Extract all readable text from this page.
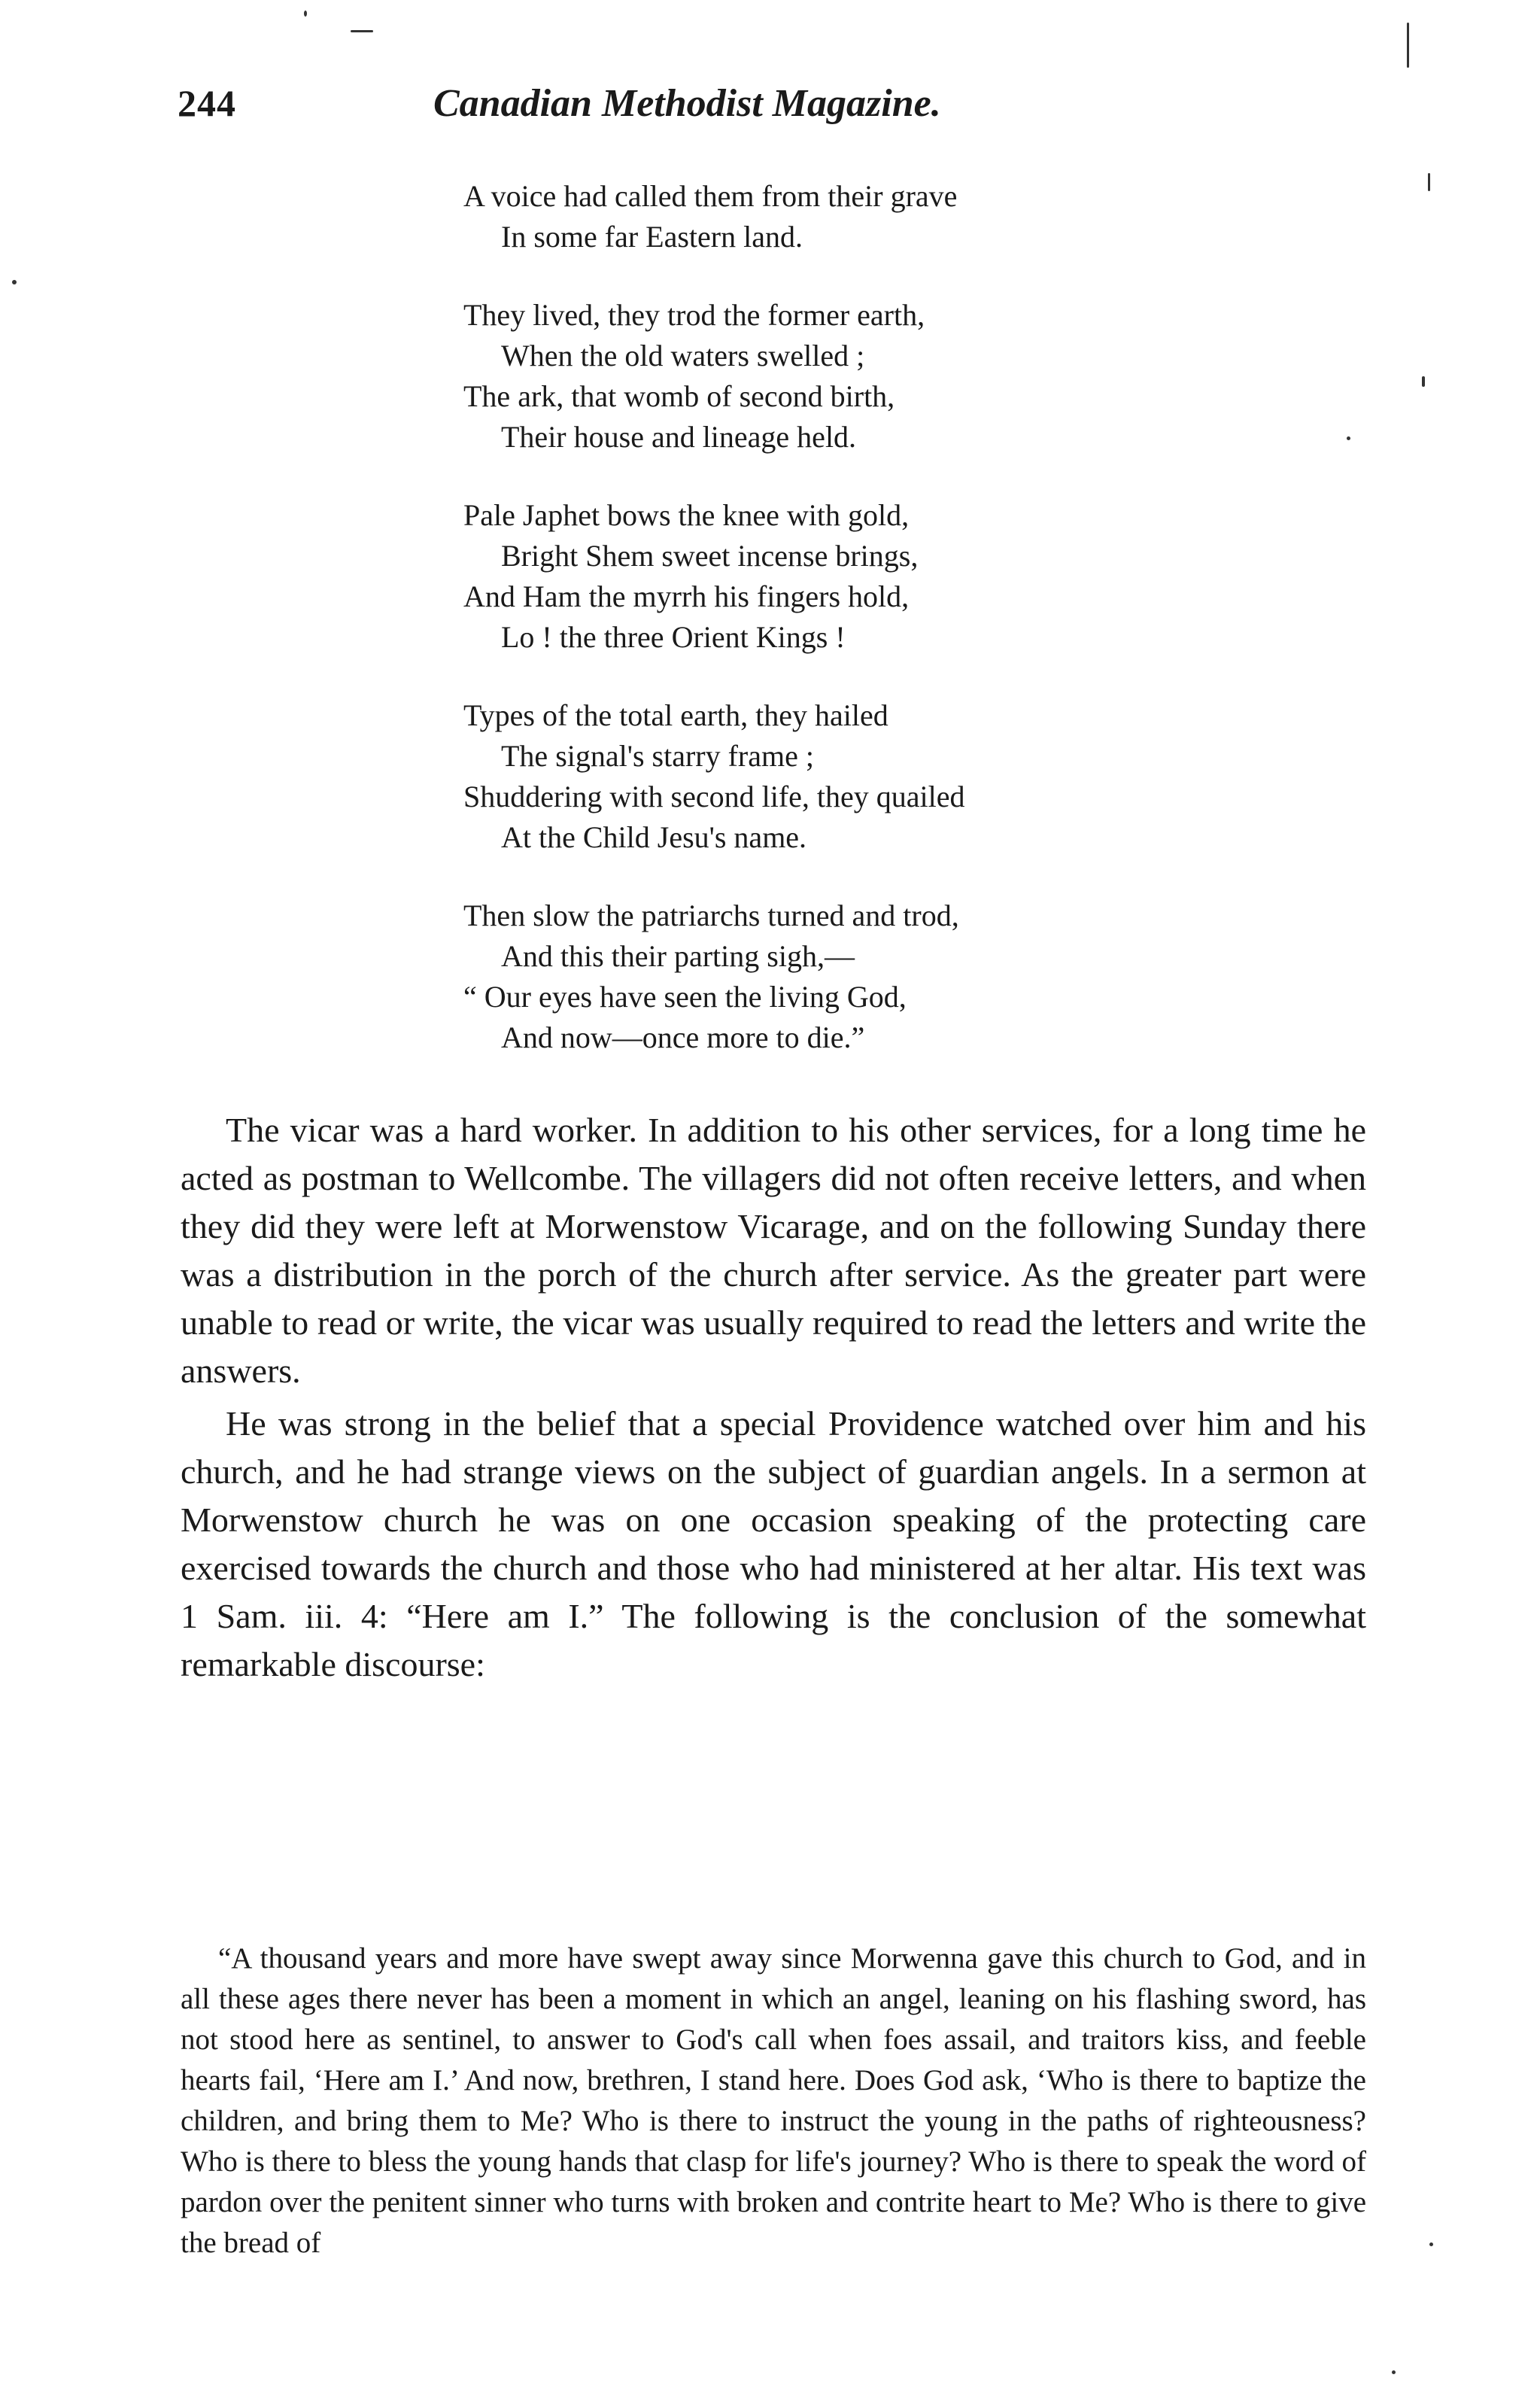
244	Canadian Methodist Magazine.
A voice had called them from their grave
In some far Eastern land.
They lived, they trod the former earth,
When the old waters swelled ;
The ark, that womb of second birth,
Their house and lineage held.
Pale Japhet bows the knee with gold,
Bright Shem sweet incense brings,
And Ham the myrrh his fingers hold,
Lo ! the three Orient Kings !
Types of the total earth, they hailed
The signal's starry frame ;
Shuddering with second life, they quailed
At the Child Jesu's name.
Then slow the patriarchs turned and trod,
And this their parting sigh,—
“ Our eyes have seen the living God,
And now—once more to die.”

The vicar was a hard worker. In addition to his other services, for a long time he acted as postman to Wellcombe. The villagers did not often receive letters, and when they did they were left at Morwenstow Vicarage, and on the following Sunday there was a distribution in the porch of the church after service. As the greater part were unable to read or write, the vicar was usually required to read the letters and write the answers.

He was strong in the belief that a special Providence watched over him and his church, and he had strange views on the subject of guardian angels. In a sermon at Morwenstow church he was on one occasion speaking of the protecting care exercised towards the church and those who had ministered at her altar. His text was 1 Sam. iii. 4: “Here am I.” The following is the conclusion of the somewhat remarkable discourse:

“A thousand years and more have swept away since Morwenna gave this church to God, and in all these ages there never has been a moment in which an angel, leaning on his flashing sword, has not stood here as sentinel, to answer to God's call when foes assail, and traitors kiss, and feeble hearts fail, ‘Here am I.’ And now, brethren, I stand here. Does God ask, ‘Who is there to baptize the children, and bring them to Me? Who is there to instruct the young in the paths of righteousness? Who is there to bless the young hands that clasp for life's journey? Who is there to speak the word of pardon over the penitent sinner who turns with broken and contrite heart to Me? Who is there to give the bread of
